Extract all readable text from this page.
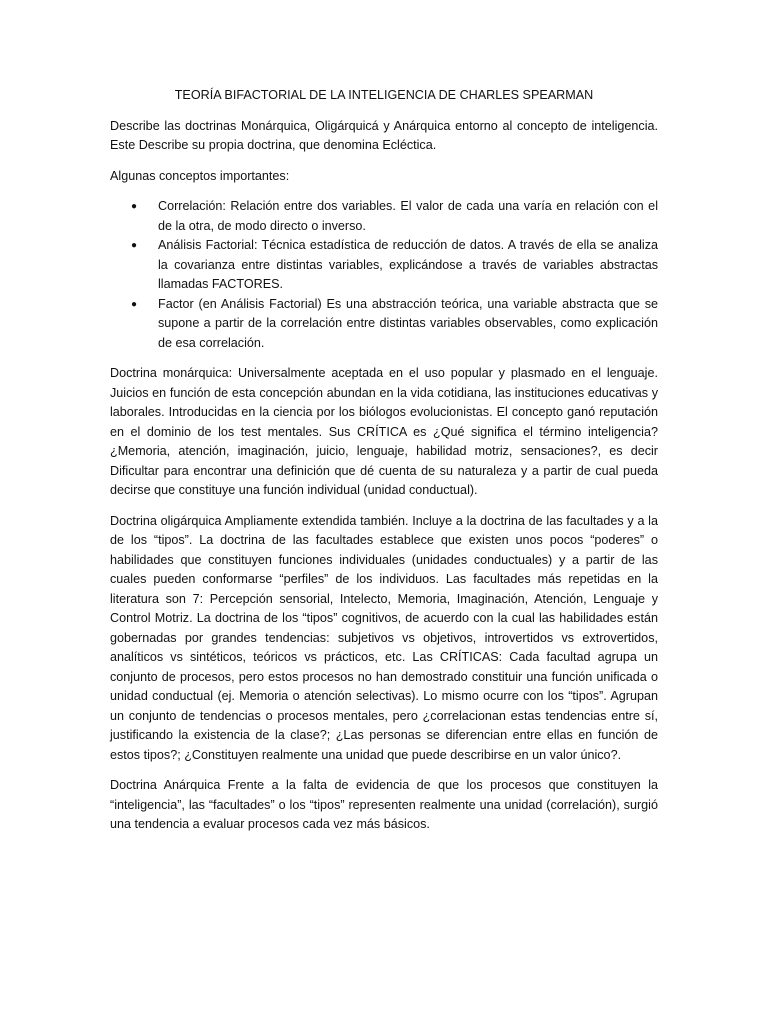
TEORÍA BIFACTORIAL DE LA INTELIGENCIA DE CHARLES SPEARMAN

Describe las doctrinas Monárquica, Oligárquicá y Anárquica entorno al concepto de inteligencia. Este Describe su propia doctrina, que denomina Ecléctica.

Algunas conceptos importantes:

● Correlación: Relación entre dos variables. El valor de cada una varía en relación con el de la otra, de modo directo o inverso.
● Análisis Factorial: Técnica estadística de reducción de datos. A través de ella se analiza la covarianza entre distintas variables, explicándose a través de variables abstractas llamadas FACTORES.
● Factor (en Análisis Factorial) Es una abstracción teórica, una variable abstracta que se supone a partir de la correlación entre distintas variables observables, como explicación de esa correlación.

Doctrina monárquica: Universalmente aceptada en el uso popular y plasmado en el lenguaje. Juicios en función de esta concepción abundan en la vida cotidiana, las instituciones educativas y laborales. Introducidas en la ciencia por los biólogos evolucionistas. El concepto ganó reputación en el dominio de los test mentales. Sus CRÍTICA es ¿Qué significa el término inteligencia? ¿Memoria, atención, imaginación, juicio, lenguaje, habilidad motriz, sensaciones?, es decir Dificultar para encontrar una definición que dé cuenta de su naturaleza y a partir de cual pueda decirse que constituye una función individual (unidad conductual).

Doctrina oligárquica Ampliamente extendida también. Incluye a la doctrina de las facultades y a la de los “tipos”. La doctrina de las facultades establece que existen unos pocos “poderes” o habilidades que constituyen funciones individuales (unidades conductuales) y a partir de las cuales pueden conformarse “perfiles” de los individuos. Las facultades más repetidas en la literatura son 7: Percepción sensorial, Intelecto, Memoria, Imaginación, Atención, Lenguaje y Control Motriz. La doctrina de los “tipos” cognitivos, de acuerdo con la cual las habilidades están gobernadas por grandes tendencias: subjetivos vs objetivos, introvertidos vs extrovertidos, analíticos vs sintéticos, teóricos vs prácticos, etc. Las CRÍTICAS: Cada facultad agrupa un conjunto de procesos, pero estos procesos no han demostrado constituir una función unificada o unidad conductual (ej. Memoria o atención selectivas). Lo mismo ocurre con los “tipos”. Agrupan un conjunto de tendencias o procesos mentales, pero ¿correlacionan estas tendencias entre sí, justificando la existencia de la clase?; ¿Las personas se diferencian entre ellas en función de estos tipos?; ¿Constituyen realmente una unidad que puede describirse en un valor único?.

Doctrina Anárquica Frente a la falta de evidencia de que los procesos que constituyen la “inteligencia”, las “facultades” o los “tipos” representen realmente una unidad (correlación), surgió una tendencia a evaluar procesos cada vez más básicos.
